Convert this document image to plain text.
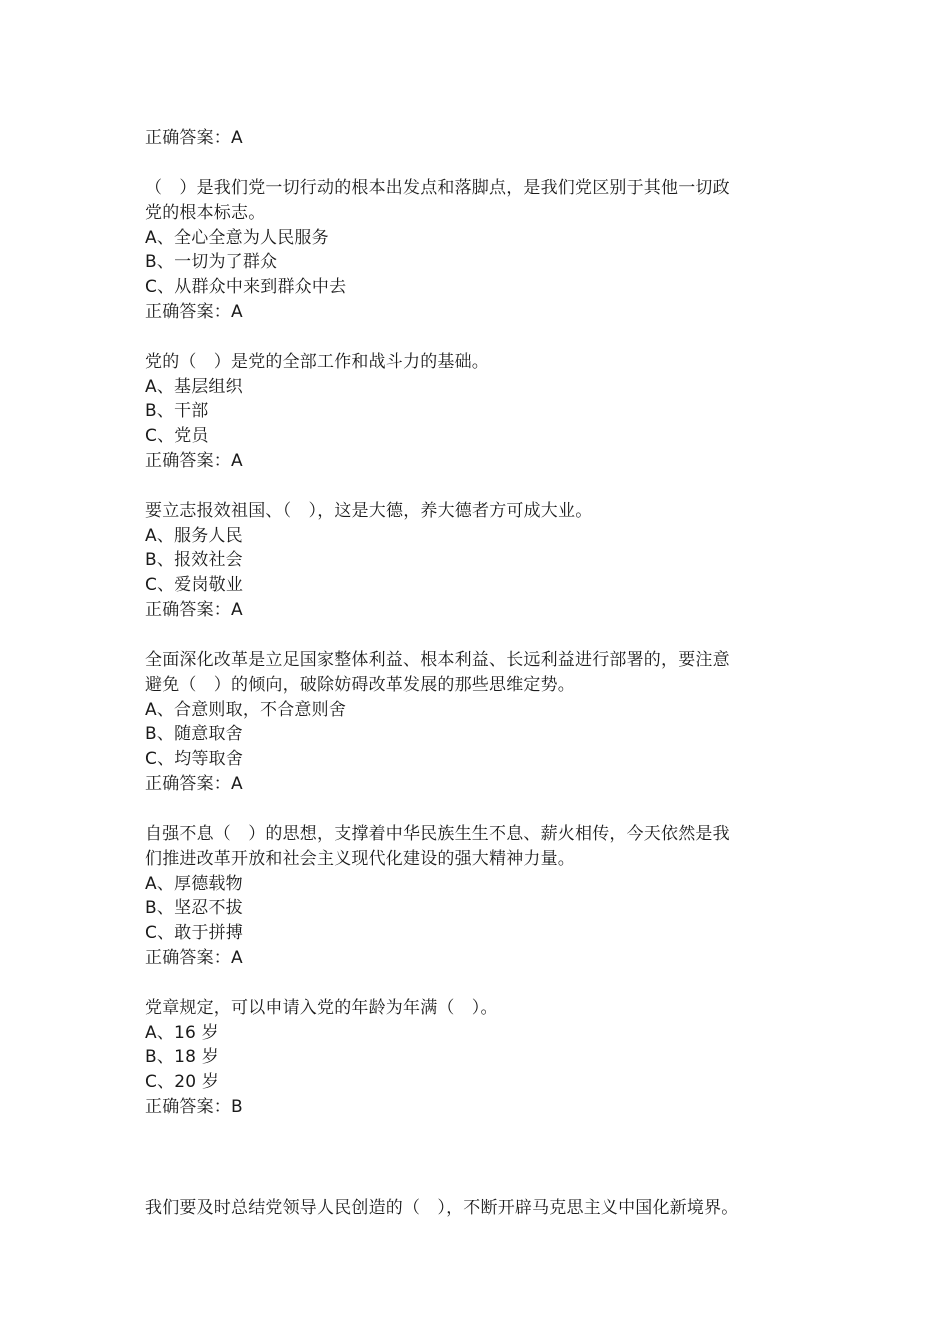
正确答案：A
（　）是我们党一切行动的根本出发点和落脚点，是我们党区别于其他一切政
党的根本标志。
A、全心全意为人民服务
B、一切为了群众
C、从群众中来到群众中去
正确答案：A
党的（　）是党的全部工作和战斗力的基础。
A、基层组织
B、干部
C、党员
正确答案：A
要立志报效祖国、（　），这是大德，养大德者方可成大业。
A、服务人民
B、报效社会
C、爱岗敬业
正确答案：A
全面深化改革是立足国家整体利益、根本利益、长远利益进行部署的，要注意
避免（　）的倾向，破除妨碍改革发展的那些思维定势。
A、合意则取，不合意则舍
B、随意取舍
C、均等取舍
正确答案：A
自强不息（　）的思想，支撑着中华民族生生不息、薪火相传，今天依然是我
们推进改革开放和社会主义现代化建设的强大精神力量。
A、厚德载物
B、坚忍不拔
C、敢于拼搏
正确答案：A
党章规定，可以申请入党的年龄为年满（　）。
A、16 岁
B、18 岁
C、20 岁
正确答案：B
我们要及时总结党领导人民创造的（　），不断开辟马克思主义中国化新境界。
